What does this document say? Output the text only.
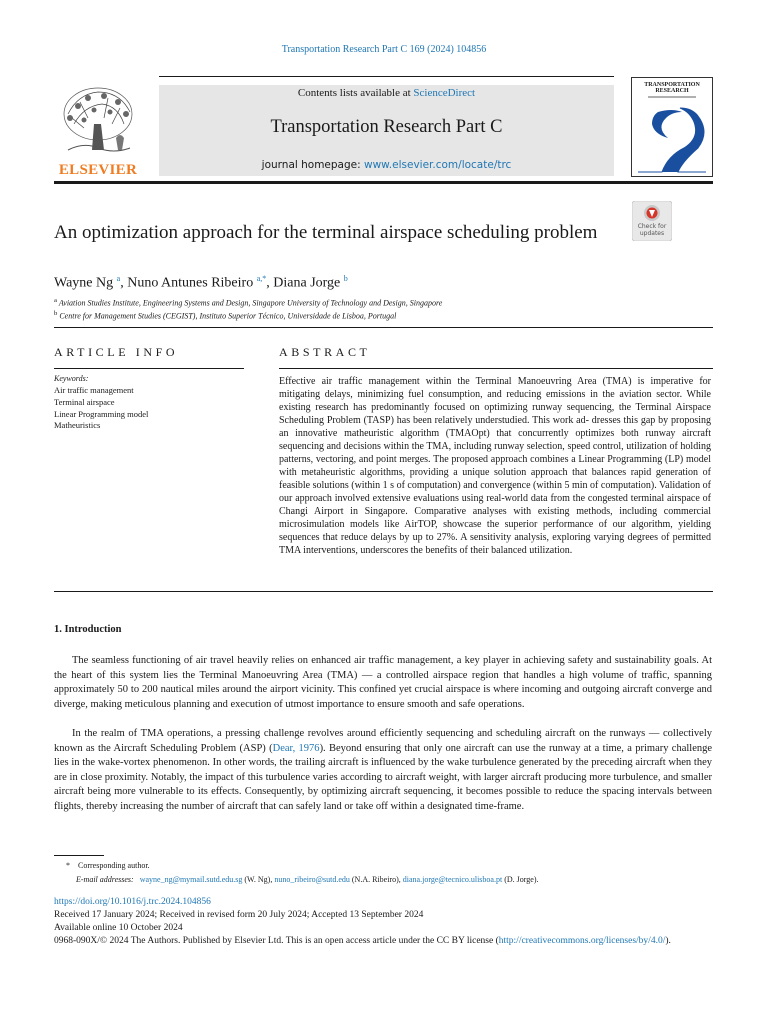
Transportation Research Part C 169 (2024) 104856
ELSEVIER
Contents lists available at ScienceDirect
Transportation Research Part C
journal homepage: www.elsevier.com/locate/trc
TRANSPORTATION
RESEARCH
Check for updates
An optimization approach for the terminal airspace scheduling problem
Wayne Ng $^a$, Nuno Antunes Ribeiro $^{a,*}$, Diana Jorge $^b$
$^a$ Aviation Studies Institute, Engineering Systems and Design, Singapore University of Technology and Design, Singapore
$^b$ Centre for Management Studies (CEGIST), Instituto Superior Técnico, Universidade de Lisboa, Portugal
ARTICLE INFO
Keywords:
Air traffic management
Terminal airspace
Linear Programming model
Matheuristics
ABSTRACT
Effective air traffic management within the Terminal Manoeuvring Area (TMA) is imperative for mitigating delays, minimizing fuel consumption, and reducing emissions in the aviation sector. While existing research has predominantly focused on optimizing runway sequencing, the Terminal Airspace Scheduling Problem (TASP) has been relatively understudied. This work ad- dresses this gap by proposing an innovative matheuristic algorithm (TMAOpt) that concurrently optimizes both runway aircraft sequencing and decisions within the TMA, including runway selection, speed control, utilization of holding patterns, vectoring, and point merges. The proposed approach combines a Linear Programming (LP) model with metaheuristic algorithms, providing a unique solution approach that balances rapid generation of feasible solutions (within 1 s of computation) and convergence (within 5 min of computation). Validation of our approach involved extensive evaluations using real-world data from the congested terminal airspace of Changi Airport in Singapore. Comparative analyses with existing methods, including commercial microsimulation models like AirTOP, showcase the superior performance of our algorithm, yielding sequences that reduce delays by up to 27%. A sensitivity analysis, exploring varying degrees of permitted TMA interventions, underscores the benefits of their balanced utilization.
1. Introduction
The seamless functioning of air travel heavily relies on enhanced air traffic management, a key player in achieving safety and sustainability goals. At the heart of this system lies the Terminal Manoeuvring Area (TMA) — a controlled airspace region that handles a high volume of traffic, spanning approximately 50 to 200 nautical miles around the airport vicinity. This confined yet crucial airspace is where incoming and outgoing aircraft converge and diverge, making meticulous planning and execution of utmost importance to ensure smooth and safe operations.
In the realm of TMA operations, a pressing challenge revolves around efficiently sequencing and scheduling aircraft on the runways — collectively known as the Aircraft Scheduling Problem (ASP) (Dear, 1976). Beyond ensuring that only one aircraft can use the runway at a time, a primary challenge lies in the wake-vortex phenomenon. In other words, the trailing aircraft is influenced by the wake turbulence generated by the preceding aircraft when they are in close proximity. Notably, the impact of this turbulence varies according to aircraft weight, with larger aircraft producing more turbulence, and smaller aircraft being more vulnerable to its effects. Consequently, by optimizing aircraft sequencing, it becomes possible to reduce the spacing intervals between flights, thereby increasing the number of aircraft that can safely land or take off within a designated time-frame.
* Corresponding author.
E-mail addresses: wayne_ng@mymail.sutd.edu.sg (W. Ng), nuno_ribeiro@sutd.edu (N.A. Ribeiro), diana.jorge@tecnico.ulisboa.pt (D. Jorge).
https://doi.org/10.1016/j.trc.2024.104856
Received 17 January 2024; Received in revised form 20 July 2024; Accepted 13 September 2024
Available online 10 October 2024
0968-090X/© 2024 The Authors. Published by Elsevier Ltd. This is an open access article under the CC BY license (http://creativecommons.org/licenses/by/4.0/).
